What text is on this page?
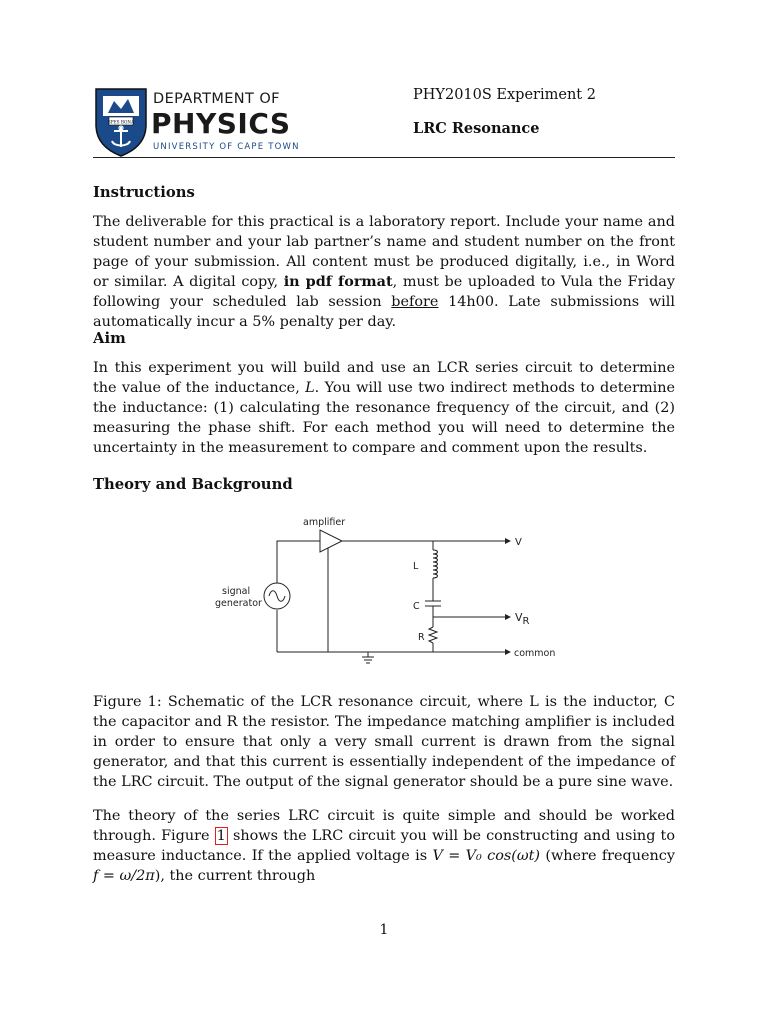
SPES BONA
DEPARTMENT OF
PHYSICS
UNIVERSITY OF CAPE TOWN
PHY2010S Experiment 2
LRC Resonance
Instructions

The deliverable for this practical is a laboratory report. Include your name and student number and your lab partner’s name and student number on the front page of your submission. All content must be produced digitally, i.e., in Word or similar. A digital copy, in pdf format, must be uploaded to Vula the Friday following your scheduled lab session before 14h00. Late submissions will automatically incur a 5% penalty per day.

Aim

In this experiment you will build and use an LCR series circuit to determine the value of the inductance, L. You will use two indirect methods to determine the inductance: (1) calculating the resonance frequency of the circuit, and (2) measuring the phase shift. For each method you will need to determine the uncertainty in the measurement to compare and comment upon the results.

Theory and Background
amplifier
V
L
C
R
VR
signal
generator
common

Figure 1: Schematic of the LCR resonance circuit, where L is the inductor, C the capacitor and R the resistor. The impedance matching amplifier is included in order to ensure that only a very small current is drawn from the signal generator, and that this current is essentially independent of the impedance of the LRC circuit. The output of the signal generator should be a pure sine wave.

The theory of the series LRC circuit is quite simple and should be worked through. Figure 1 shows the LRC circuit you will be constructing and using to measure inductance. If the applied voltage is V = V₀ cos(ωt) (where frequency f = ω/2π), the current through

1
